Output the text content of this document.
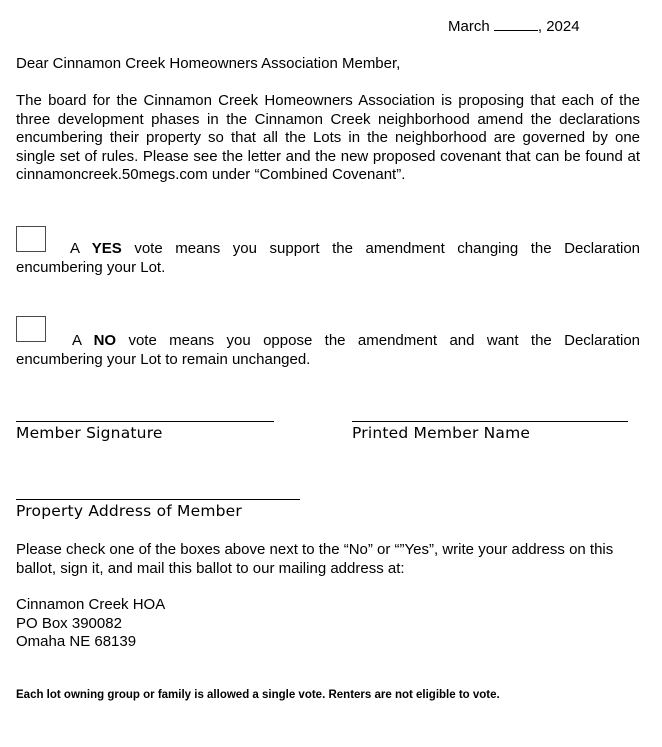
March	, 2024
Dear Cinnamon Creek Homeowners Association Member,
The board for the Cinnamon Creek Homeowners Association is proposing that each of the three development phases in the Cinnamon Creek neighborhood amend the declarations encumbering their property so that all the Lots in the neighborhood are governed by one single set of rules. Please see the letter and the new proposed covenant that can be found at cinnamoncreek.50megs.com under “Combined Covenant”.
A YES vote means you support the amendment changing the Declaration
encumbering your Lot.
A NO vote means you oppose the amendment and want the Declaration
encumbering your Lot to remain unchanged.
Member Signature	Printed Member Name
Property Address of Member
Please check one of the boxes above next to the “No” or “”Yes”, write your address on this ballot, sign it, and mail this ballot to our mailing address at:
Cinnamon Creek HOA
PO Box 390082
Omaha NE 68139
Each lot owning group or family is allowed a single vote. Renters are not eligible to vote.
